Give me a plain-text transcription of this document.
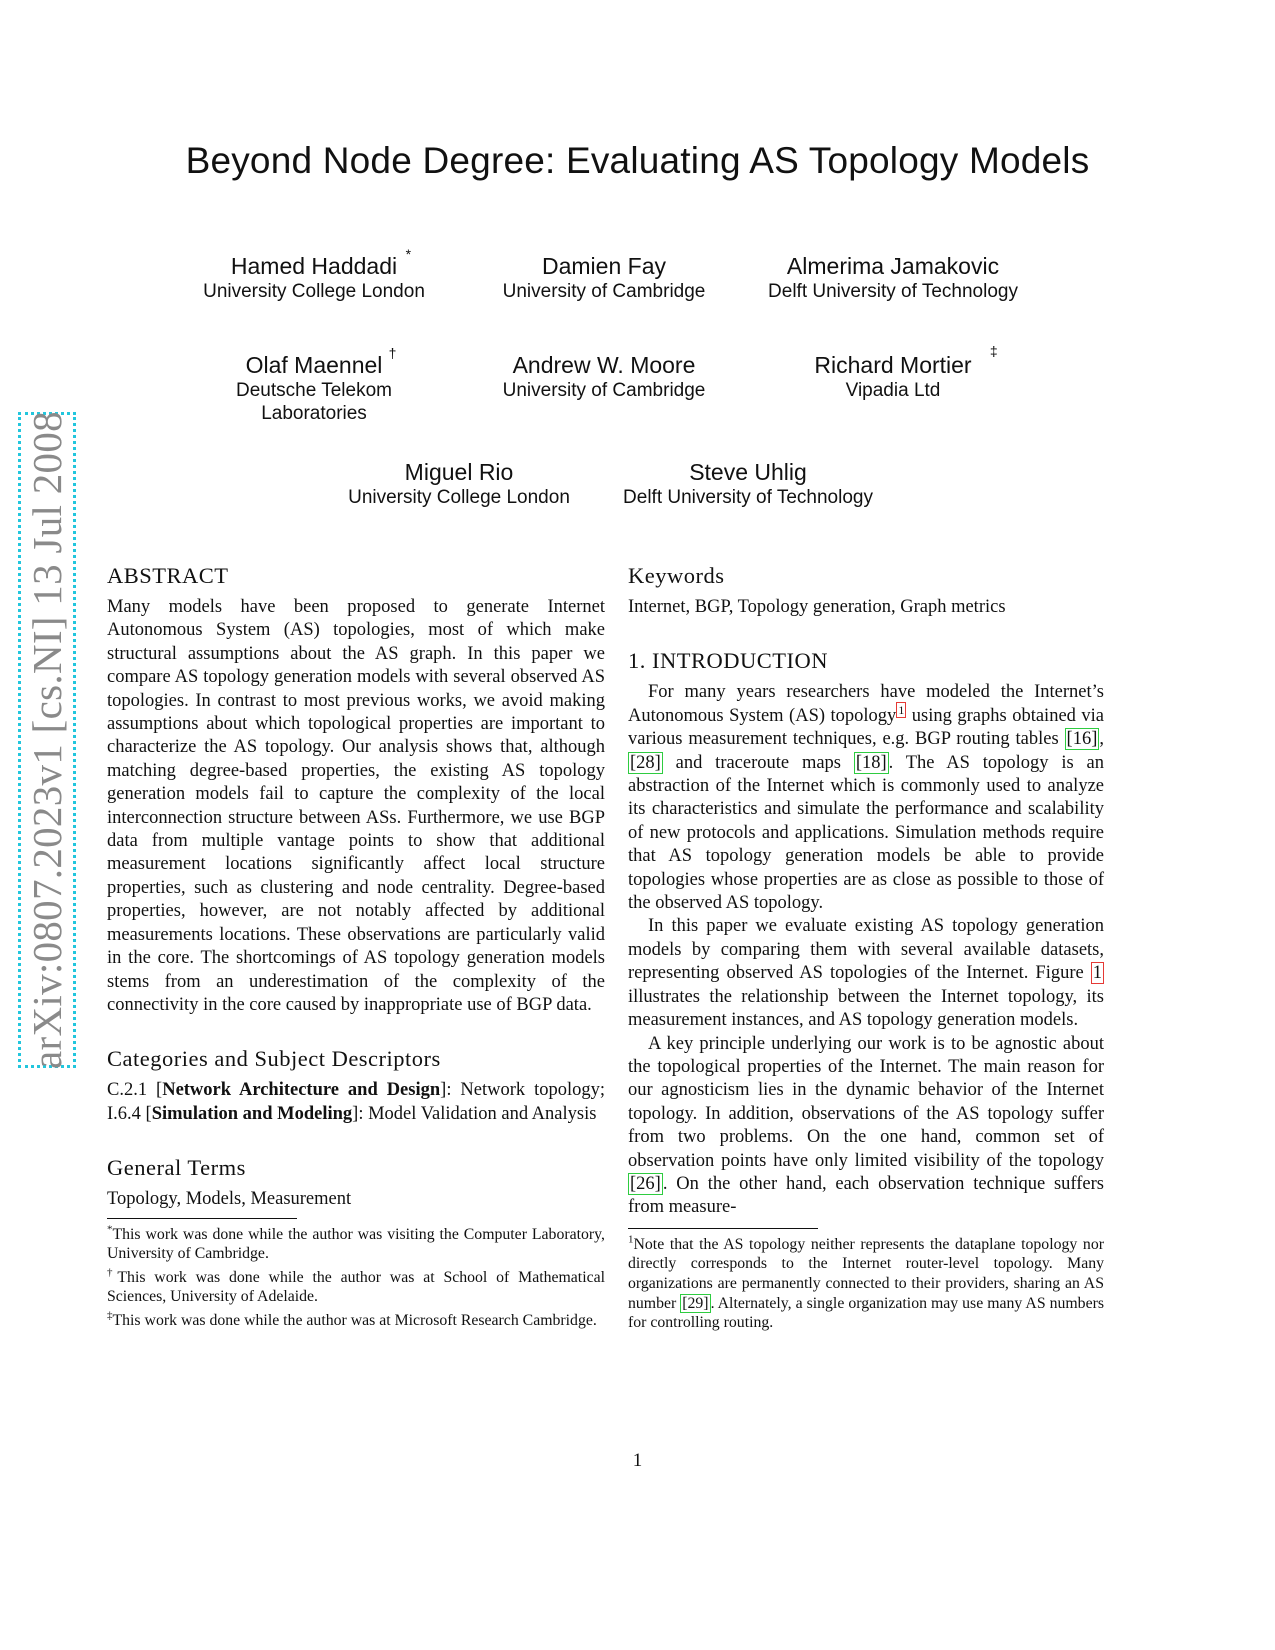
Beyond Node Degree: Evaluating AS Topology Models
Hamed Haddadi *
University College London
Damien Fay
University of Cambridge
Almerima Jamakovic
Delft University of Technology
Olaf Maennel †
Deutsche Telekom
Laboratories
Andrew W. Moore
University of Cambridge
Richard Mortier
‡
Vipadia Ltd
Miguel Rio
University College London
Steve Uhlig
Delft University of Technology
arXiv:0807.2023v1 [cs.NI] 13 Jul 2008 ABSTRACT

Many models have been proposed to generate Internet Autonomous System (AS) topologies, most of which make structural assumptions about the AS graph. In this paper we compare AS topology generation models with several observed AS topologies. In contrast to most previous works, we avoid making assumptions about which topological properties are important to characterize the AS topology. Our analysis shows that, although matching degree-based properties, the existing AS topology generation models fail to capture the complexity of the local interconnection structure between ASs. Furthermore, we use BGP data from multiple vantage points to show that additional measurement locations significantly affect local structure properties, such as clustering and node centrality. Degree-based properties, however, are not notably affected by additional measurements locations. These observations are particularly valid in the core. The shortcomings of AS topology generation models stems from an underestimation of the complexity of the connectivity in the core caused by inappropriate use of BGP data.

Categories and Subject Descriptors

C.2.1 [Network Architecture and Design]: Network topology; I.6.4 [Simulation and Modeling]: Model Validation and Analysis

General Terms

Topology, Models, Measurement

*This work was done while the author was visiting the Computer Laboratory, University of Cambridge.

†This work was done while the author was at School of Mathematical Sciences, University of Adelaide.

‡This work was done while the author was at Microsoft Research Cambridge.

Keywords

Internet, BGP, Topology generation, Graph metrics

1. INTRODUCTION

For many years researchers have modeled the Internet’s Autonomous System (AS) topology $^1$ using graphs obtained via various measurement techniques, e.g. BGP routing tables [16] , [28] and traceroute maps [18] . The AS topology is an abstraction of the Internet which is commonly used to analyze its characteristics and simulate the performance and scalability of new protocols and applications. Simulation methods require that AS topology generation models be able to provide topologies whose properties are as close as possible to those of the observed AS topology.

In this paper we evaluate existing AS topology generation models by comparing them with several available datasets, representing observed AS topologies of the Internet. Figure 1 illustrates the relationship between the Internet topology, its measurement instances, and AS topology generation models.

A key principle underlying our work is to be agnostic about the topological properties of the Internet. The main reason for our agnosticism lies in the dynamic behavior of the Internet topology. In addition, observations of the AS topology suffer from two problems. On the one hand, common set of observation points have only limited visibility of the topology [26] . On the other hand, each observation technique suffers from measure-

$^1$Note that the AS topology neither represents the dataplane topology nor directly corresponds to the Internet router-level topology. Many organizations are permanently connected to their providers, sharing an AS number [29] . Alternately, a single organization may use many AS numbers for controlling routing.

1
